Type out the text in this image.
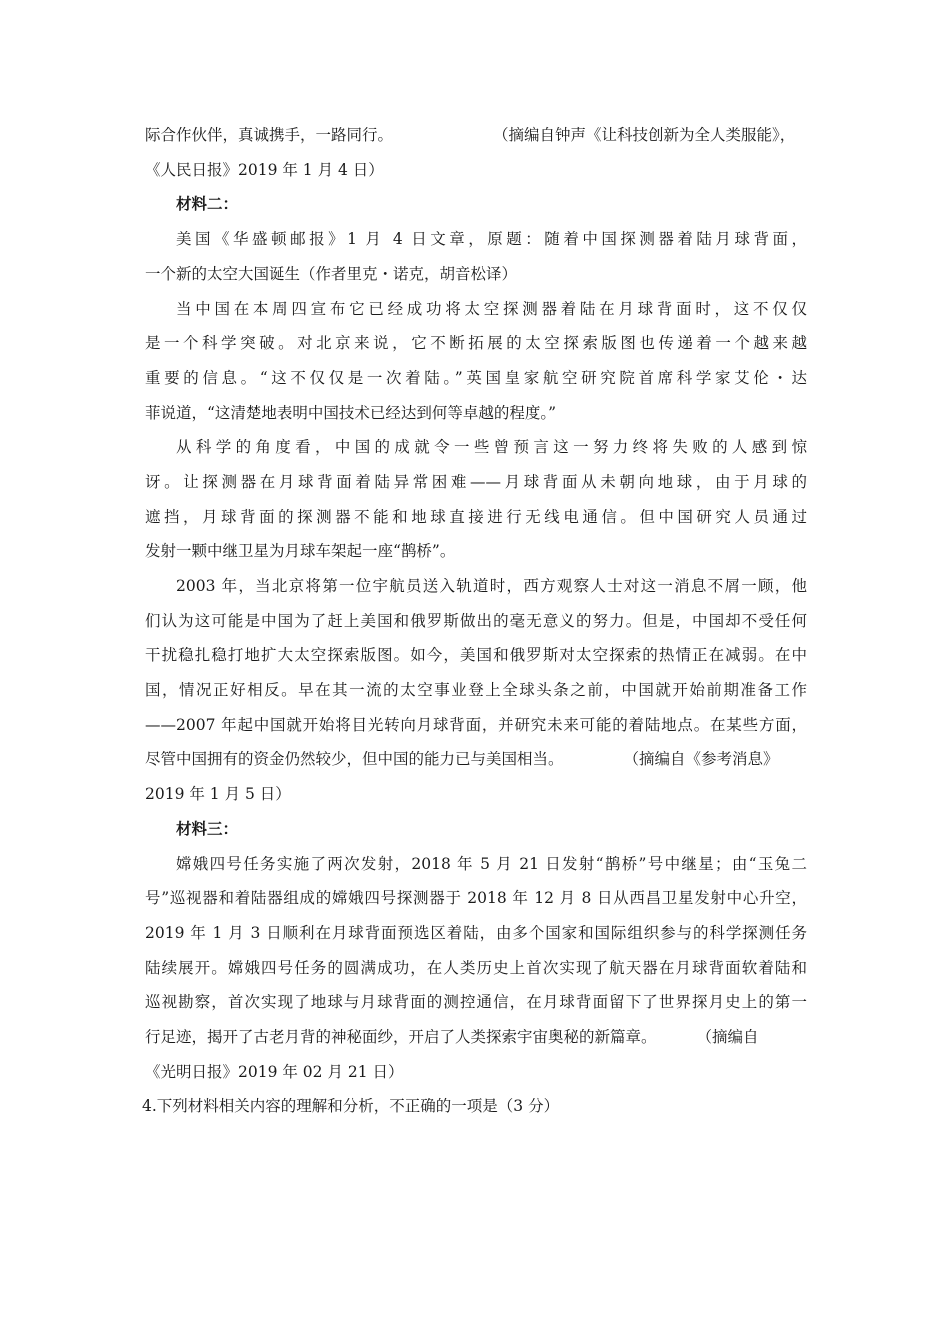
际合作伙伴，真诚携手，一路同行。	（摘编自钟声《让科技创新为全人类服能》，
《人民日报》2019 年 1 月 4 日）
材料二：
美国《华盛顿邮报》1 月 4 日文章，原题：随着中国探测器着陆月球背面，
一个新的太空大国诞生（作者里克・诺克，胡音松译）
当中国在本周四宣布它已经成功将太空探测器着陆在月球背面时，这不仅仅
是一个科学突破。对北京来说，它不断拓展的太空探索版图也传递着一个越来越
重要的信息。“这不仅仅是一次着陆。”英国皇家航空研究院首席科学家艾伦・达
菲说道，“这清楚地表明中国技术已经达到何等卓越的程度。”
从科学的角度看，中国的成就令一些曾预言这一努力终将失败的人感到惊
讶。让探测器在月球背面着陆异常困难——月球背面从未朝向地球，由于月球的
遮挡，月球背面的探测器不能和地球直接进行无线电通信。但中国研究人员通过
发射一颗中继卫星为月球车架起一座“鹊桥”。
2003 年，当北京将第一位宇航员送入轨道时，西方观察人士对这一消息不屑一顾，他
们认为这可能是中国为了赶上美国和俄罗斯做出的毫无意义的努力。但是，中国却不受任何
干扰稳扎稳打地扩大太空探索版图。如今，美国和俄罗斯对太空探索的热情正在减弱。在中
国，情况正好相反。早在其一流的太空事业登上全球头条之前，中国就开始前期准备工作
——2007 年起中国就开始将目光转向月球背面，并研究未来可能的着陆地点。在某些方面，
尽管中国拥有的资金仍然较少，但中国的能力已与美国相当。	（摘编自《参考消息》
2019 年 1 月 5 日）
材料三：
嫦娥四号任务实施了两次发射，2018 年 5 月 21 日发射“鹊桥”号中继星；由“玉兔二
号”巡视器和着陆器组成的嫦娥四号探测器于 2018 年 12 月 8 日从西昌卫星发射中心升空，
2019 年 1 月 3 日顺利在月球背面预选区着陆，由多个国家和国际组织参与的科学探测任务
陆续展开。嫦娥四号任务的圆满成功，在人类历史上首次实现了航天器在月球背面软着陆和
巡视勘察，首次实现了地球与月球背面的测控通信，在月球背面留下了世界探月史上的第一
行足迹，揭开了古老月背的神秘面纱，开启了人类探索宇宙奥秘的新篇章。	（摘编自
《光明日报》2019 年 02 月 21 日）
4.下列材料相关内容的理解和分析，不正确的一项是（3 分）
